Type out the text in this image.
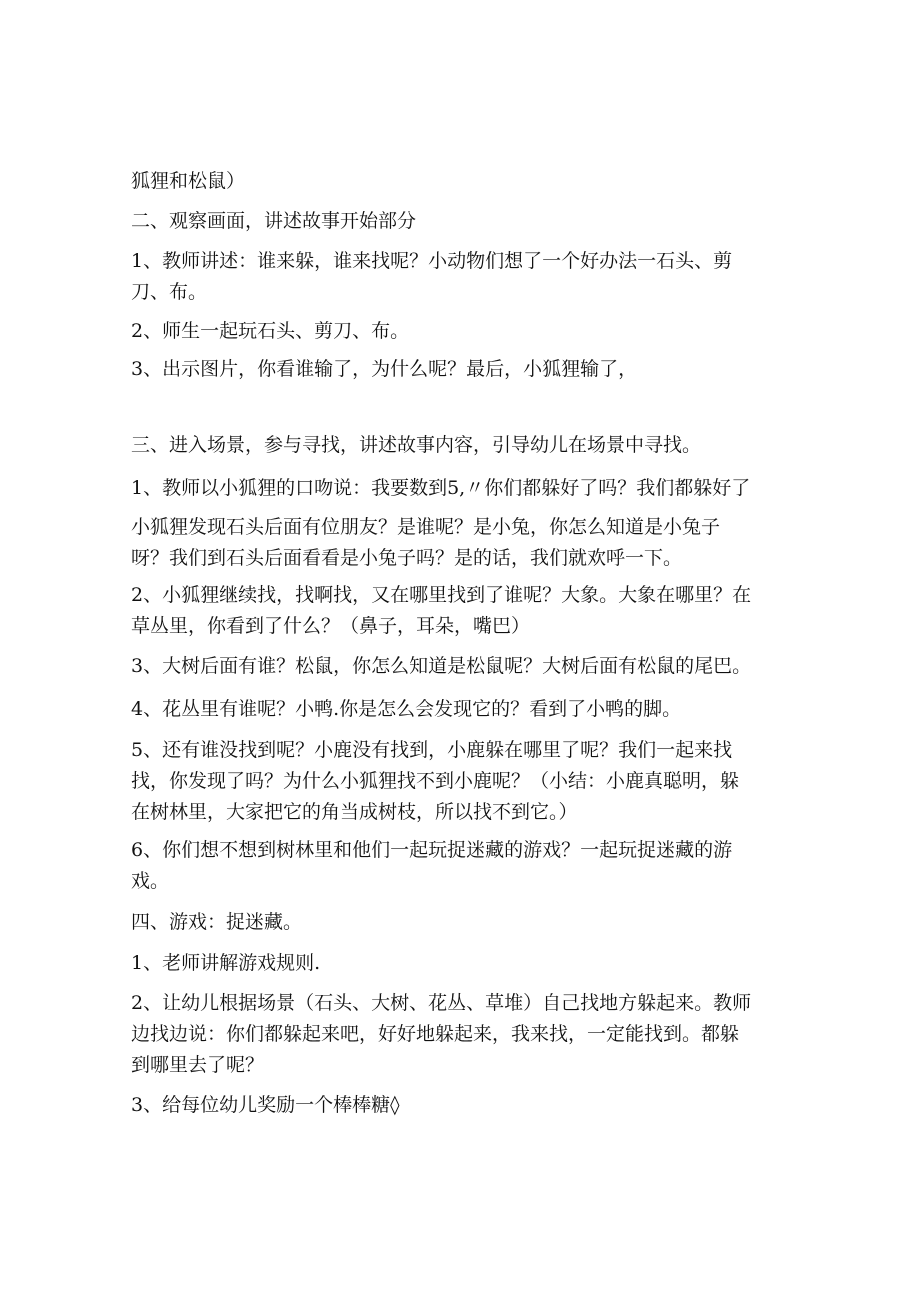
狐狸和松鼠）

二、观察画面，讲述故事开始部分

1、教师讲述：谁来躲，谁来找呢？小动物们想了一个好办法一石头、剪
刀、布。

2、师生一起玩石头、剪刀、布。

3、出示图片，你看谁输了，为什么呢？最后，小狐狸输了，

三、进入场景，参与寻找，讲述故事内容，引导幼儿在场景中寻找。

1、教师以小狐狸的口吻说：我要数到5,〃你们都躲好了吗？我们都躲好了

小狐狸发现石头后面有位朋友？是谁呢？是小兔，你怎么知道是小兔子
呀？我们到石头后面看看是小兔子吗？是的话，我们就欢呼一下。

2、小狐狸继续找，找啊找，又在哪里找到了谁呢？大象。大象在哪里？在
草丛里，你看到了什么？（鼻子，耳朵，嘴巴）

3、大树后面有谁？松鼠，你怎么知道是松鼠呢？大树后面有松鼠的尾巴。

4、花丛里有谁呢？小鸭.你是怎么会发现它的？看到了小鸭的脚。

5、还有谁没找到呢？小鹿没有找到，小鹿躲在哪里了呢？我们一起来找
找，你发现了吗？为什么小狐狸找不到小鹿呢？（小结：小鹿真聪明，躲
在树林里，大家把它的角当成树枝，所以找不到它。）

6、你们想不想到树林里和他们一起玩捉迷藏的游戏？一起玩捉迷藏的游
戏。

四、游戏：捉迷藏。

1、老师讲解游戏规则.

2、让幼儿根据场景（石头、大树、花丛、草堆）自己找地方躲起来。教师
边找边说：你们都躲起来吧，好好地躲起来，我来找，一定能找到。都躲
到哪里去了呢？

3、给每位幼儿奖励一个棒棒糖◊
